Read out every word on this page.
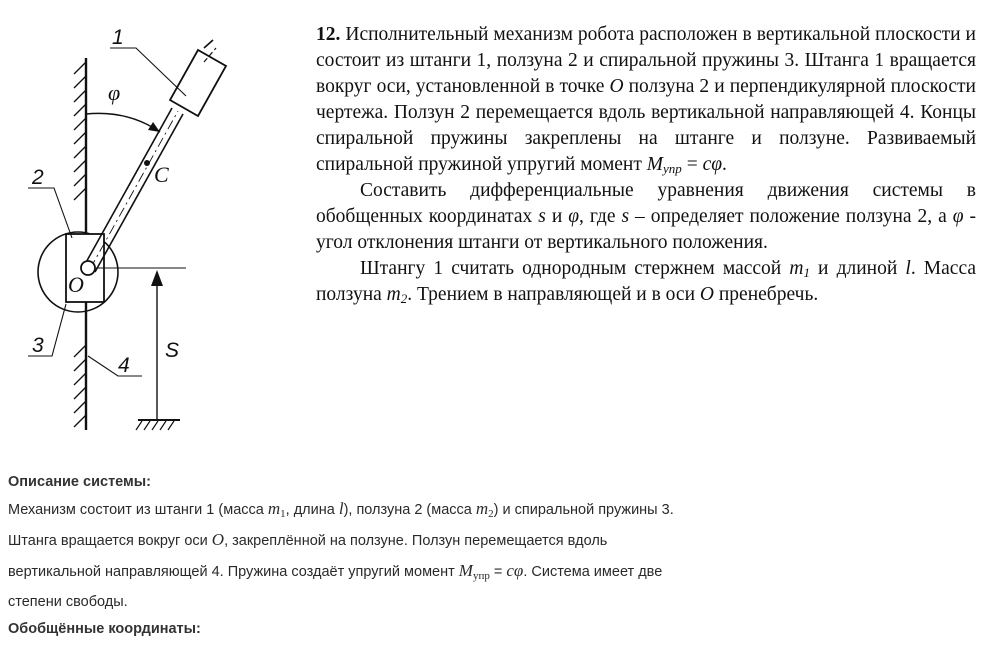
1
2
3
4
φ
C
O
S

12. Исполнительный механизм робота расположен в вертикальной плоскости и состоит из штанги 1, ползуна 2 и спиральной пружины 3. Штанга 1 вращается вокруг оси, установленной в точке O ползуна 2 и перпендикулярной плоскости чертежа. Ползун 2 перемещается вдоль вертикальной направляющей 4. Концы спиральной пружины закреплены на штанге и ползуне. Развиваемый спиральной пружиной упругий момент $M_{упр} = c\varphi$.

Составить дифференциальные уравнения движения системы в обобщенных координатах s и φ, где s – определяет положение ползуна 2, а φ - угол отклонения штанги от вертикального положения.

Штангу 1 считать однородным стержнем массой $m_1$ и длиной l. Масса ползуна $m_2$. Трением в направляющей и в оси O пренебречь.

Описание системы:

Механизм состоит из штанги 1 (масса $m_1$, длина l), ползуна 2 (масса $m_2$) и спиральной пружины 3.

Штанга вращается вокруг оси O, закреплённой на ползуне. Ползун перемещается вдоль

вертикальной направляющей 4. Пружина создаёт упругий момент $M_{упр} = c\varphi$. Система имеет две

степени свободы.

Обобщённые координаты:
